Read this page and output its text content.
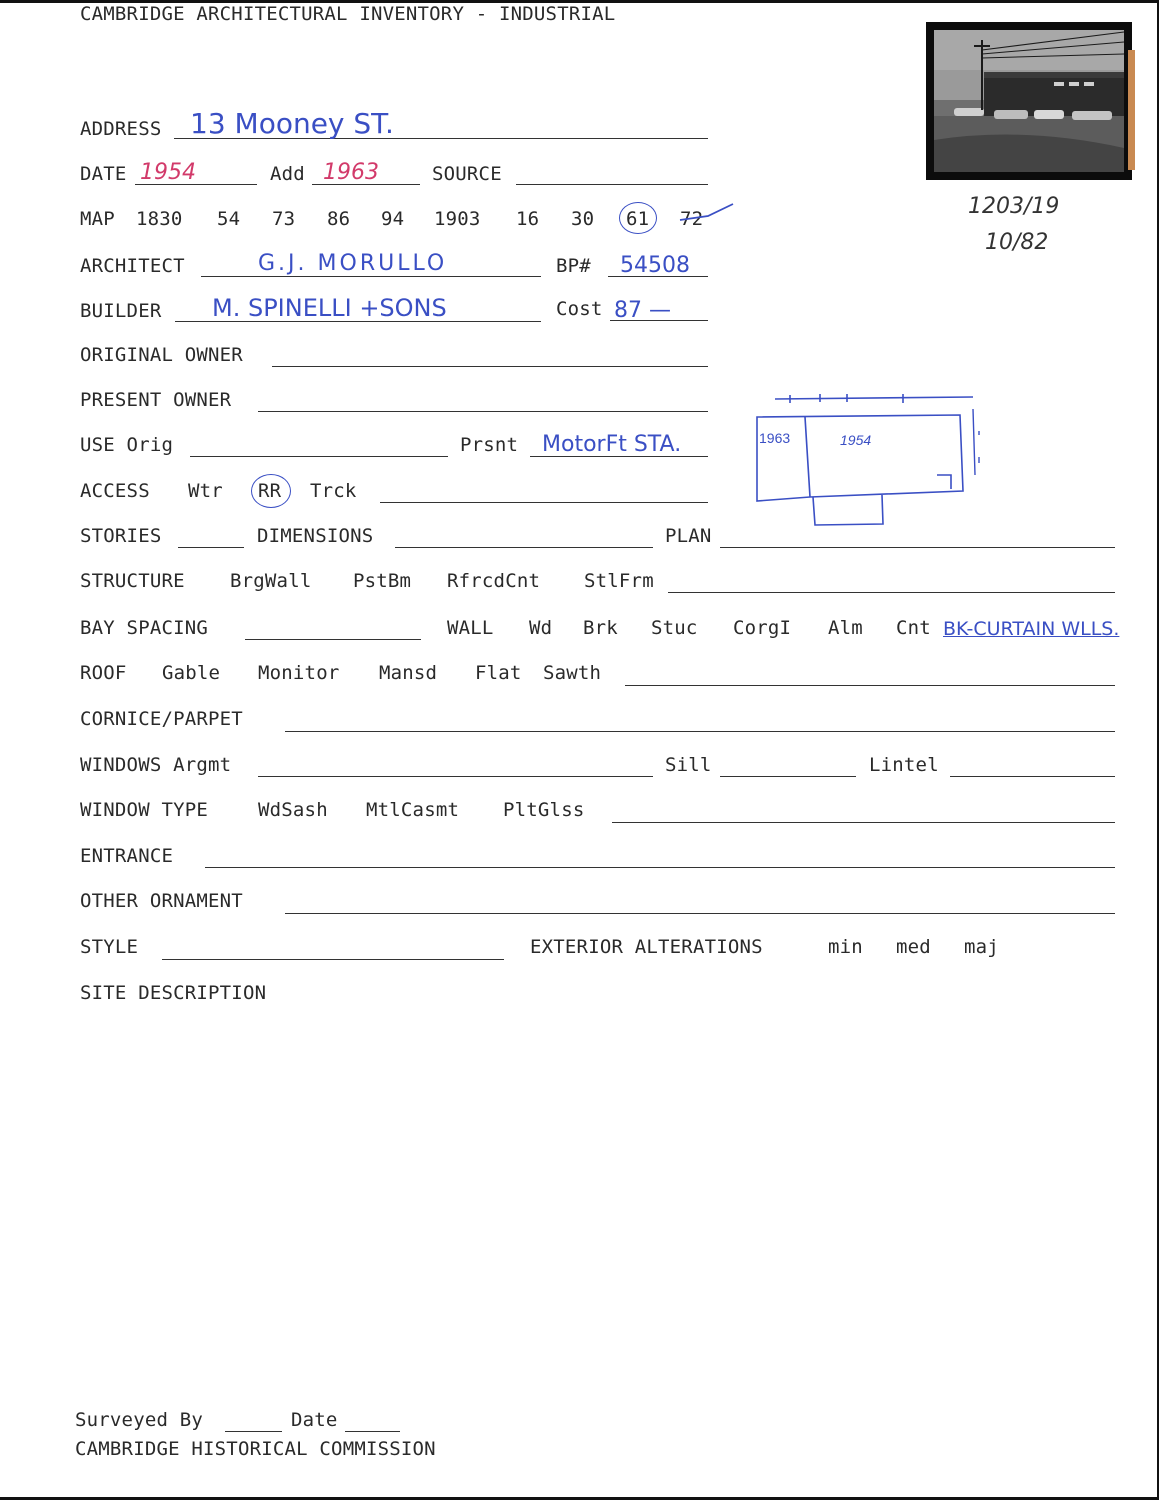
CAMBRIDGE ARCHITECTURAL INVENTORY - INDUSTRIAL
1203/19
10/82
ADDRESS 13 Mooney ST.
DATE 1954	Add 1963	SOURCE
MAP 1830 54 73 86 94 1903 16 30 61 72
ARCHITECT	G.J. MORULLO	BP# 54508
BUILDER M. SPINELLI +SONS	Cost 87 —
ORIGINAL OWNER
PRESENT OWNER
USE Orig	Prsnt MotorFt STA.
ACCESS Wtr RR Trck
1963	1954
STORIES	DIMENSIONS	PLAN
STRUCTURE BrgWall PstBm RfrcdCnt StlFrm
BAY SPACING	WALL Wd Brk Stuc CorgI Alm Cnt BK-CURTAIN WLLS.
ROOF Gable Monitor Mansd Flat Sawth
CORNICE/PARPET
WINDOWS Argmt	Sill	Lintel
WINDOW TYPE	WdSash MtlCasmt PltGlss
ENTRANCE
OTHER ORNAMENT
STYLE	EXTERIOR ALTERATIONS	min med maj
SITE DESCRIPTION
Surveyed By	Date
CAMBRIDGE HISTORICAL COMMISSION
